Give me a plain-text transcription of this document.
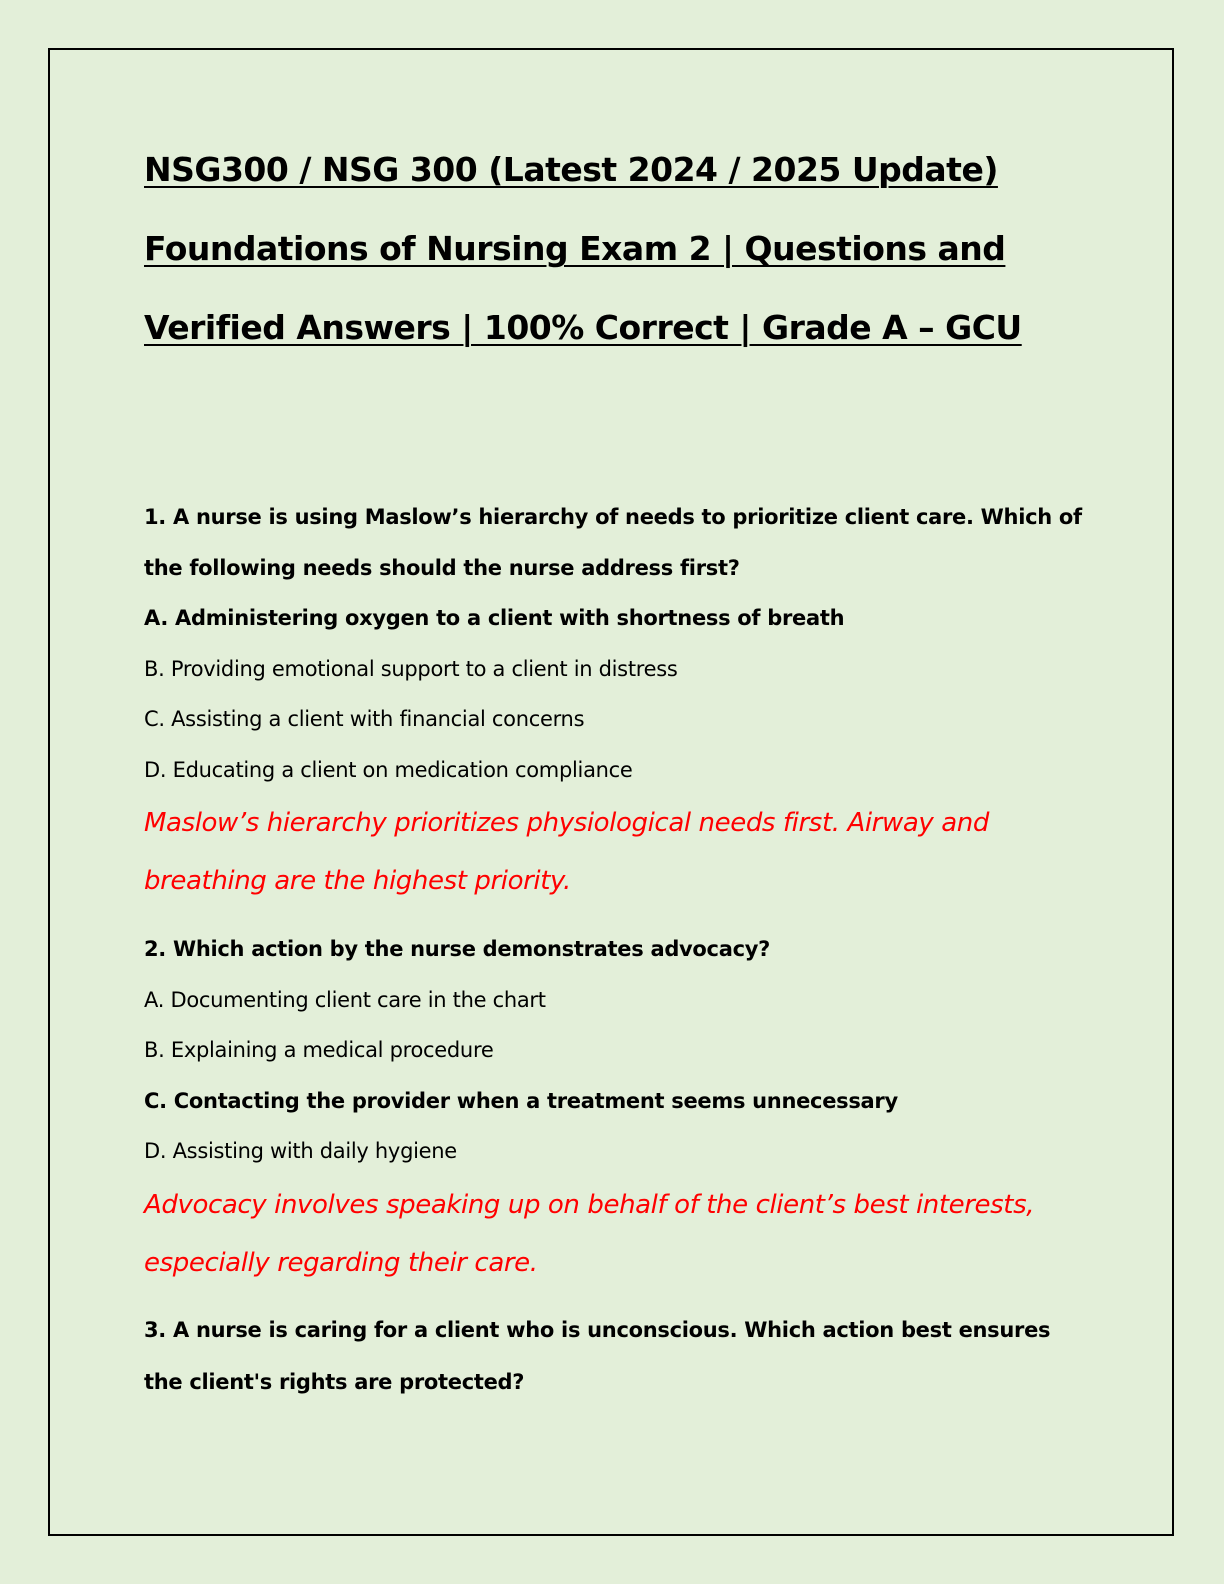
NSG300 / NSG 300 (Latest 2024 / 2025 Update)
Foundations of Nursing Exam 2 | Questions and
Verified Answers | 100% Correct | Grade A – GCU
1. A nurse is using Maslow’s hierarchy of needs to prioritize client care. Which of
the following needs should the nurse address first?
A. Administering oxygen to a client with shortness of breath
B. Providing emotional support to a client in distress
C. Assisting a client with financial concerns
D. Educating a client on medication compliance
Maslow’s hierarchy prioritizes physiological needs first. Airway and
breathing are the highest priority.
2. Which action by the nurse demonstrates advocacy?
A. Documenting client care in the chart
B. Explaining a medical procedure
C. Contacting the provider when a treatment seems unnecessary
D. Assisting with daily hygiene
Advocacy involves speaking up on behalf of the client’s best interests,
especially regarding their care.
3. A nurse is caring for a client who is unconscious. Which action best ensures
the client's rights are protected?
